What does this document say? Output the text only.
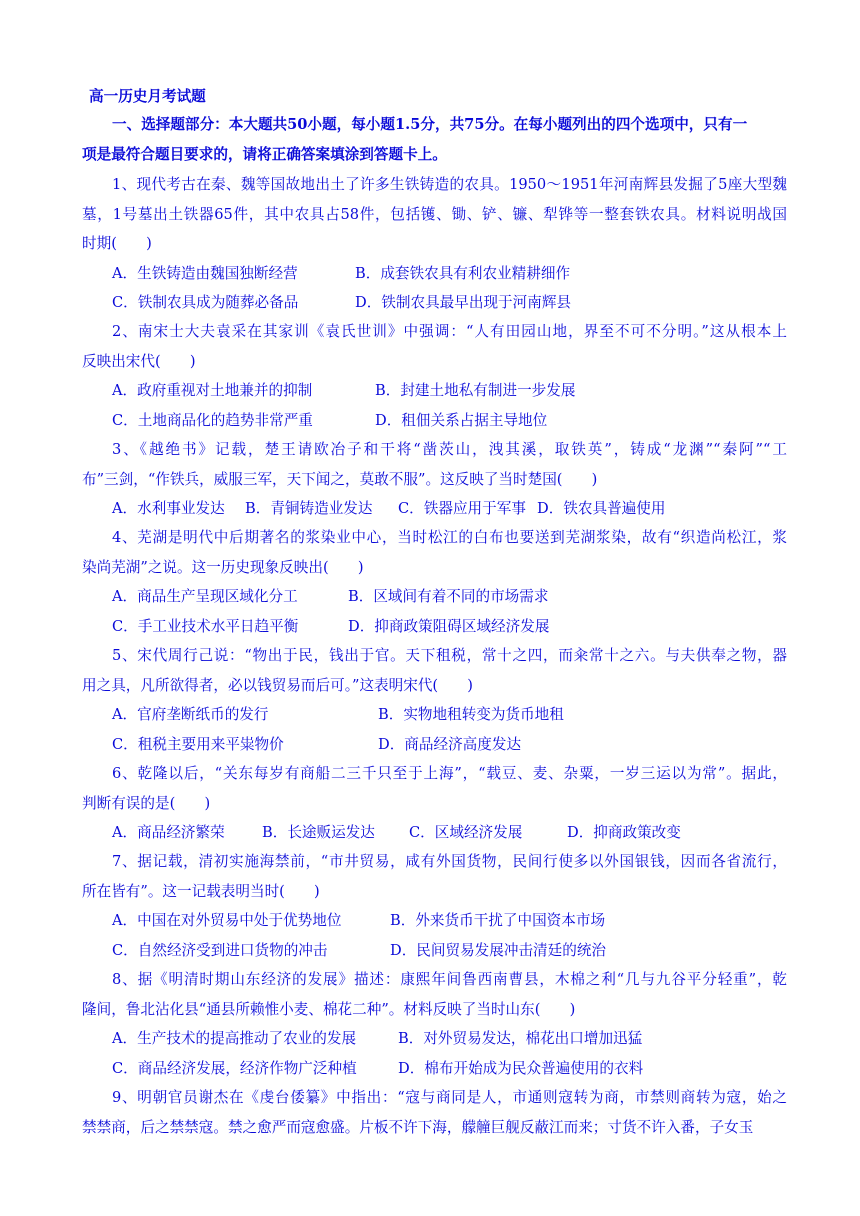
高一历史月考试题
一、选择题部分：本大题共50小题，每小题1.5分，共75分。在每小题列出的四个选项中，只有一
项是最符合题目要求的，请将正确答案填涂到答题卡上。
1、现代考古在秦、魏等国故地出土了许多生铁铸造的农具。1950～1951年河南辉县发掘了5座大型魏
墓，1号墓出土铁器65件，其中农具占58件，包括镬、锄、铲、镰、犁铧等一整套铁农具。材料说明战国
时期(　　)
A．生铁铸造由魏国独断经营	B．成套铁农具有利农业精耕细作
C．铁制农具成为随葬必备品	D．铁制农具最早出现于河南辉县
2、南宋士大夫袁采在其家训《袁氏世训》中强调：“人有田园山地，界至不可不分明。”这从根本上
反映出宋代(　　)
A．政府重视对土地兼并的抑制	B．封建土地私有制进一步发展
C．土地商品化的趋势非常严重	D．租佃关系占据主导地位
3、《越绝书》记载，楚王请欧冶子和干将“凿茨山，洩其溪，取铁英”，铸成“龙渊”“秦阿”“工
布”三剑，“作铁兵，威服三军，天下闻之，莫敢不服”。这反映了当时楚国(　　)
A．水利事业发达 B．青铜铸造业发达 C．铁器应用于军事 D．铁农具普遍使用
4、芜湖是明代中后期著名的浆染业中心，当时松江的白布也要送到芜湖浆染，故有“织造尚松江，浆
染尚芜湖”之说。这一历史现象反映出(　　)
A．商品生产呈现区域化分工	B．区域间有着不同的市场需求
C．手工业技术水平日趋平衡	D．抑商政策阻碍区域经济发展
5、宋代周行己说：“物出于民，钱出于官。天下租税，常十之四，而籴常十之六。与夫供奉之物，器
用之具，凡所欲得者，必以钱贸易而后可。”这表明宋代(　　)
A．官府垄断纸币的发行	B．实物地租转变为货币地租
C．租税主要用来平粜物价	D．商品经济高度发达
6、乾隆以后，“关东每岁有商船二三千只至于上海”，“载豆、麦、杂粟，一岁三运以为常”。据此，
判断有误的是(　　)
A．商品经济繁荣	B．长途贩运发达 C．区域经济发展	D．抑商政策改变
7、据记载，清初实施海禁前，“市井贸易，咸有外国货物，民间行使多以外国银钱，因而各省流行，
所在皆有”。这一记载表明当时(　　)
A．中国在对外贸易中处于优势地位	B．外来货币干扰了中国资本市场
C．自然经济受到进口货物的冲击	D．民间贸易发展冲击清廷的统治
8、据《明清时期山东经济的发展》描述：康熙年间鲁西南曹县，木棉之利“几与九谷平分轻重”，乾
隆间，鲁北沾化县“通县所赖惟小麦、棉花二种”。材料反映了当时山东(　　)
A．生产技术的提高推动了农业的发展	B．对外贸易发达，棉花出口增加迅猛
C．商品经济发展，经济作物广泛种植	D．棉布开始成为民众普遍使用的衣料
9、明朝官员谢杰在《虔台倭纂》中指出：“寇与商同是人，市通则寇转为商，市禁则商转为寇，始之
禁禁商，后之禁禁寇。禁之愈严而寇愈盛。片板不许下海，艨艟巨舰反蔽江而来；寸货不许入番，子女玉
